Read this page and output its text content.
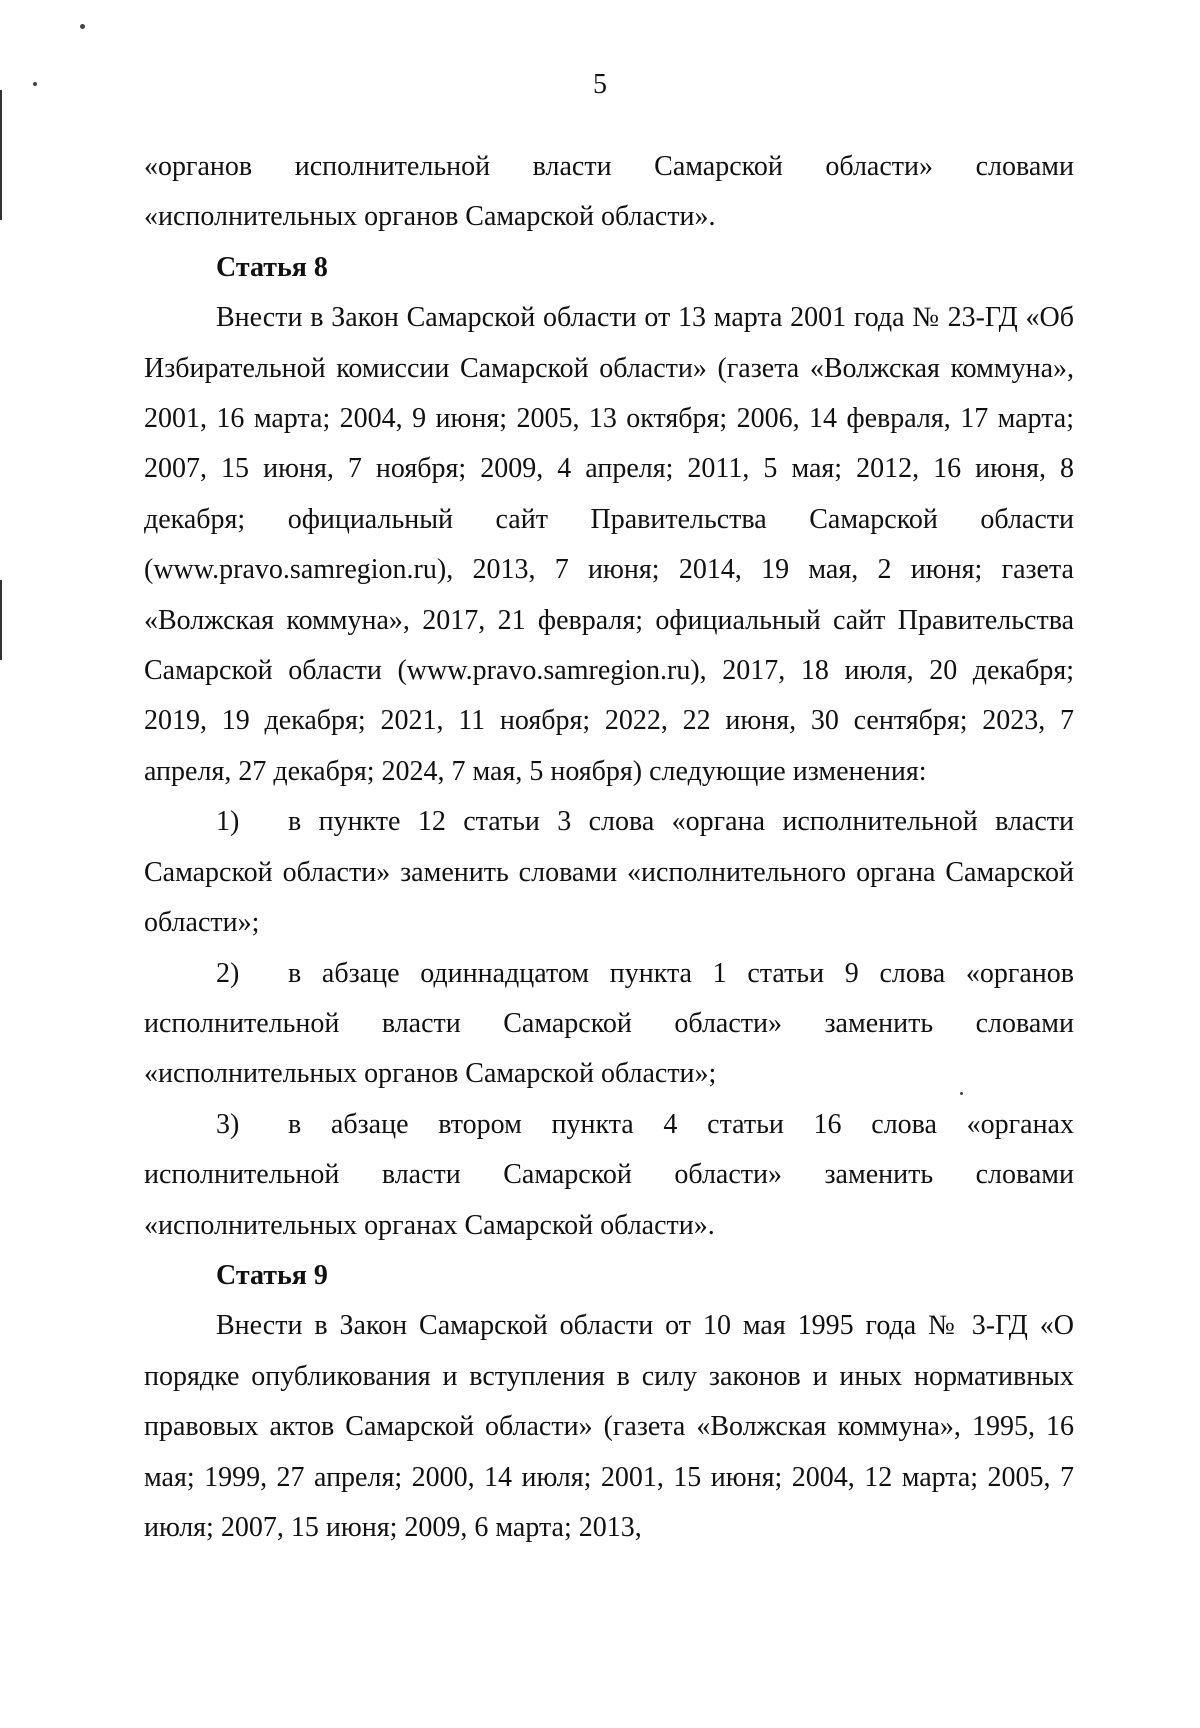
5

«органов исполнительной власти Самарской области» словами «исполнительных органов Самарской области».

Статья 8

Внести в Закон Самарской области от 13 марта 2001 года № 23-ГД «Об Избирательной комиссии Самарской области» (газета «Волжская коммуна», 2001, 16 марта; 2004, 9 июня; 2005, 13 октября; 2006, 14 февраля, 17 марта; 2007, 15 июня, 7 ноября; 2009, 4 апреля; 2011, 5 мая; 2012, 16 июня, 8 декабря; официальный сайт Правительства Самарской области (www.pravo.samregion.ru), 2013, 7 июня; 2014, 19 мая, 2 июня; газета «Волжская коммуна», 2017, 21 февраля; официальный сайт Правительства Самарской области (www.pravo.samregion.ru), 2017, 18 июля, 20 декабря; 2019, 19 декабря; 2021, 11 ноября; 2022, 22 июня, 30 сентября; 2023, 7 апреля, 27 декабря; 2024, 7 мая, 5 ноября) следующие изменения:

1) в пункте 12 статьи 3 слова «органа исполнительной власти Самарской области» заменить словами «исполнительного органа Самарской области»;

2) в абзаце одиннадцатом пункта 1 статьи 9 слова «органов исполнительной власти Самарской области» заменить словами «исполнительных органов Самарской области»;

3) в абзаце втором пункта 4 статьи 16 слова «органах исполнительной власти Самарской области» заменить словами «исполнительных органах Самарской области».

Статья 9

Внести в Закон Самарской области от 10 мая 1995 года № 3-ГД «О порядке опубликования и вступления в силу законов и иных нормативных правовых актов Самарской области» (газета «Волжская коммуна», 1995, 16 мая; 1999, 27 апреля; 2000, 14 июля; 2001, 15 июня; 2004, 12 марта; 2005, 7 июля; 2007, 15 июня; 2009, 6 марта; 2013,
